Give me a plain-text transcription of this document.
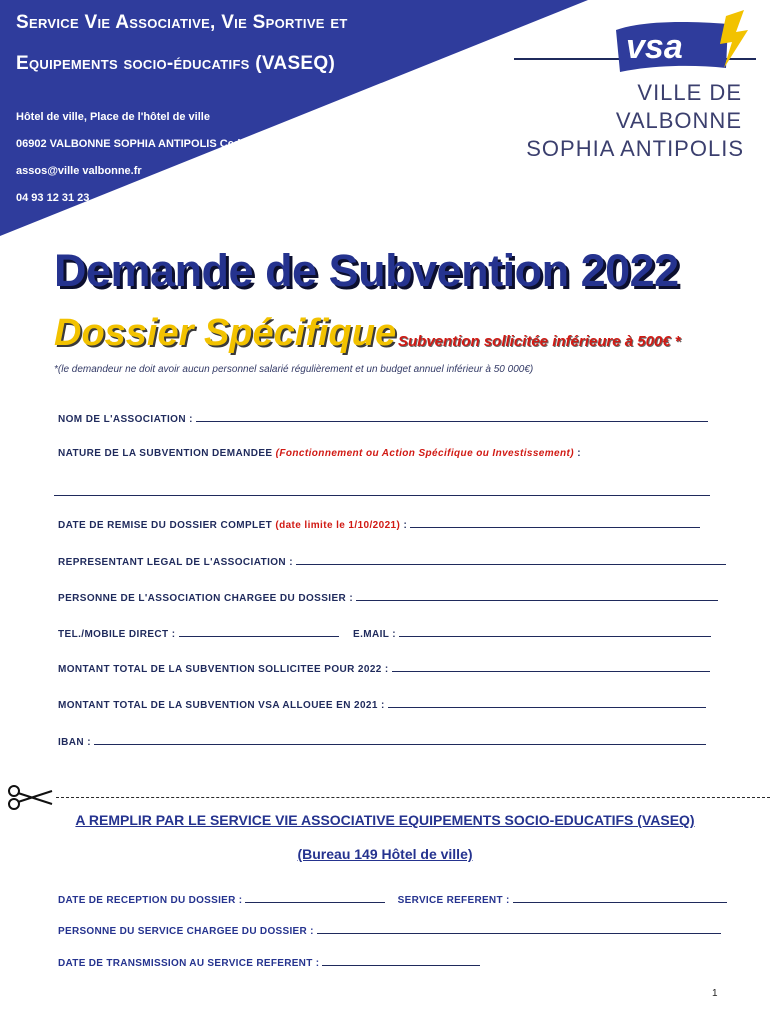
Service Vie Associative, Vie Sportive et
Equipements socio-éducatifs (VASEQ)
Hôtel de ville, Place de l'hôtel de ville
06902 VALBONNE SOPHIA ANTIPOLIS Cedex
assos@ville valbonne.fr
04 93 12 31 23
vsa
VILLE DE
VALBONNE
SOPHIA ANTIPOLIS
Demande de Subvention 2022
Dossier Spécifique Subvention sollicitée inférieure à 500€ *
*(le demandeur ne doit avoir aucun personnel salarié régulièrement et un budget annuel inférieur à 50 000€)
NOM DE L'ASSOCIATION :
NATURE DE LA SUBVENTION DEMANDEE (Fonctionnement ou Action Spécifique ou Investissement) :
DATE DE REMISE DU DOSSIER COMPLET (date limite le 1/10/2021) :
REPRESENTANT LEGAL DE L'ASSOCIATION :
PERSONNE DE L'ASSOCIATION CHARGEE DU DOSSIER :
TEL./MOBILE DIRECT :	E.MAIL :
MONTANT TOTAL DE LA SUBVENTION SOLLICITEE POUR 2022 :
MONTANT TOTAL DE LA SUBVENTION VSA ALLOUEE EN 2021 :
IBAN :
A REMPLIR PAR LE SERVICE VIE ASSOCIATIVE EQUIPEMENTS SOCIO-EDUCATIFS (VASEQ)
(Bureau 149 Hôtel de ville)
DATE DE RECEPTION DU DOSSIER :	SERVICE REFERENT :
PERSONNE DU SERVICE CHARGEE DU DOSSIER :
DATE DE TRANSMISSION AU SERVICE REFERENT :
1
